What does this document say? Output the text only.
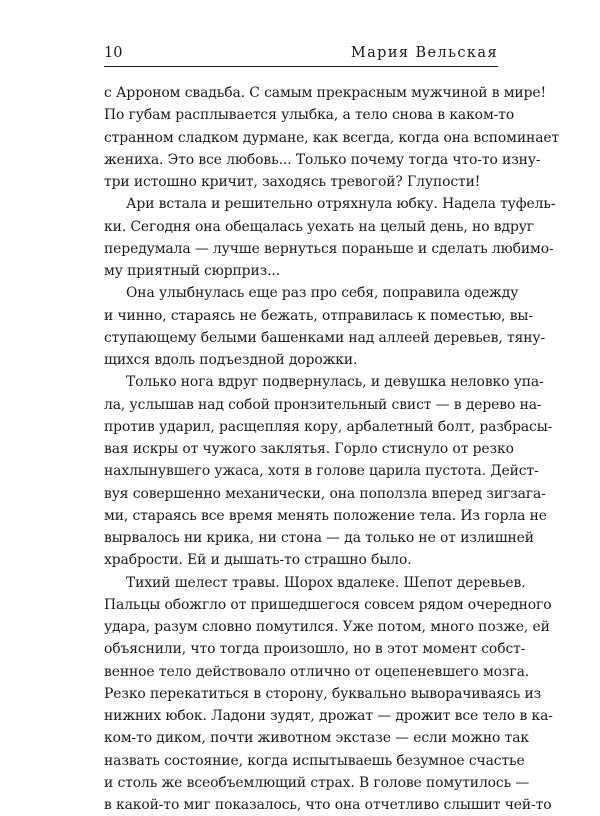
10	Мария Вельская
с Арроном свадьба. С самым прекрасным мужчиной в мире!
По губам расплывается улыбка, а тело снова в каком-то
странном сладком дурмане, как всегда, когда она вспоминает
жениха. Это все любовь... Только почему тогда что-то изну-
три истошно кричит, заходясь тревогой? Глупости!
Ари встала и решительно отряхнула юбку. Надела туфель-
ки. Сегодня она обещалась уехать на целый день, но вдруг
передумала — лучше вернуться пораньше и сделать любимо-
му приятный сюрприз...
Она улыбнулась еще раз про себя, поправила одежду
и чинно, стараясь не бежать, отправилась к поместью, вы-
ступающему белыми башенками над аллеей деревьев, тяну-
щихся вдоль подъездной дорожки.
Только нога вдруг подвернулась, и девушка неловко упа-
ла, услышав над собой пронзительный свист — в дерево на-
против ударил, расщепляя кору, арбалетный болт, разбрасы-
вая искры от чужого заклятья. Горло стиснуло от резко
нахлынувшего ужаса, хотя в голове царила пустота. Дейст-
вуя совершенно механически, она поползла вперед зигзага-
ми, стараясь все время менять положение тела. Из горла не
вырвалось ни крика, ни стона — да только не от излишней
храбрости. Ей и дышать-то страшно было.
Тихий шелест травы. Шорох вдалеке. Шепот деревьев.
Пальцы обожгло от пришедшегося совсем рядом очередного
удара, разум словно помутился. Уже потом, много позже, ей
объяснили, что тогда произошло, но в этот момент собст-
венное тело действовало отлично от оцепеневшего мозга.
Резко перекатиться в сторону, буквально выворачиваясь из
нижних юбок. Ладони зудят, дрожат — дрожит все тело в ка-
ком-то диком, почти животном экстазе — если можно так
назвать состояние, когда испытываешь безумное счастье
и столь же всеобъемлющий страх. В голове помутилось —
в какой-то миг показалось, что она отчетливо слышит чей-то
